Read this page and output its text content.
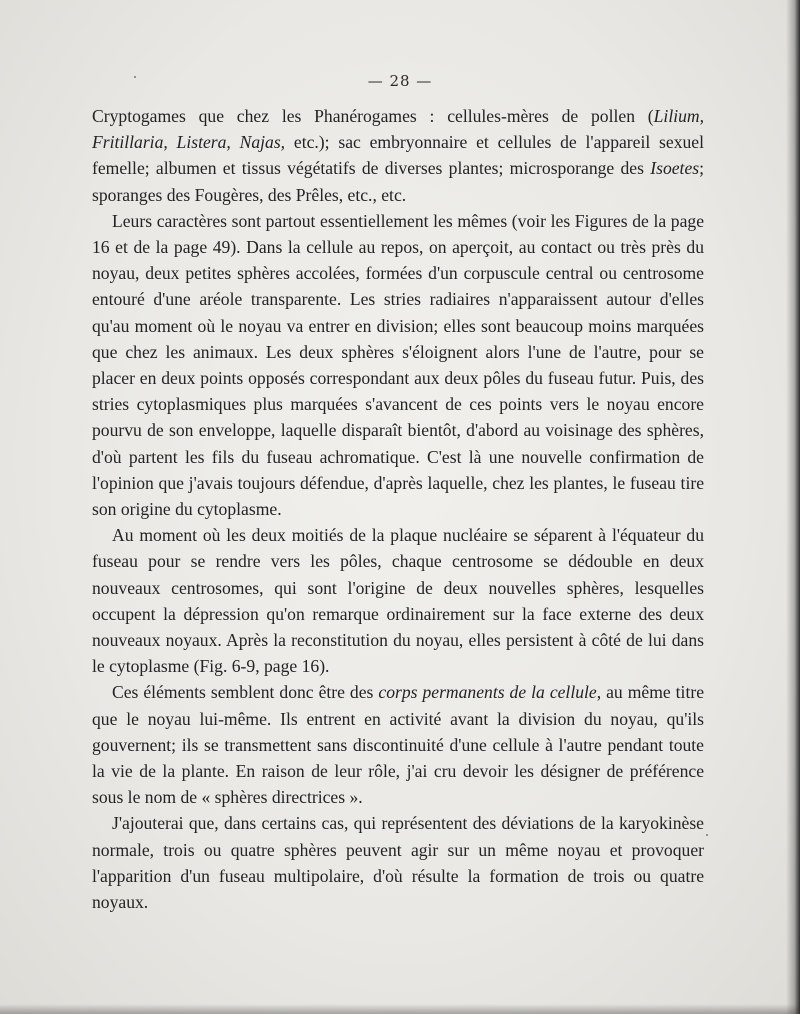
— 28 —

Cryptogames que chez les Phanérogames : cellules-mères de pollen (Lilium, Fritillaria, Listera, Najas, etc.); sac embryonnaire et cellules de l'appareil sexuel femelle; albumen et tissus végétatifs de diverses plantes; microsporange des Isoetes; sporanges des Fougères, des Prêles, etc., etc.

Leurs caractères sont partout essentiellement les mêmes (voir les Figures de la page 16 et de la page 49). Dans la cellule au repos, on aperçoit, au contact ou très près du noyau, deux petites sphères accolées, formées d'un corpuscule central ou centrosome entouré d'une aréole transparente. Les stries radiaires n'apparaissent autour d'elles qu'au moment où le noyau va entrer en division; elles sont beaucoup moins marquées que chez les animaux. Les deux sphères s'éloignent alors l'une de l'autre, pour se placer en deux points opposés correspondant aux deux pôles du fuseau futur. Puis, des stries cytoplasmiques plus marquées s'avancent de ces points vers le noyau encore pourvu de son enveloppe, laquelle disparaît bientôt, d'abord au voisinage des sphères, d'où partent les fils du fuseau achromatique. C'est là une nouvelle confirmation de l'opinion que j'avais toujours défendue, d'après laquelle, chez les plantes, le fuseau tire son origine du cytoplasme.

Au moment où les deux moitiés de la plaque nucléaire se séparent à l'équateur du fuseau pour se rendre vers les pôles, chaque centrosome se dédouble en deux nouveaux centrosomes, qui sont l'origine de deux nouvelles sphères, lesquelles occupent la dépression qu'on remarque ordinairement sur la face externe des deux nouveaux noyaux. Après la reconstitution du noyau, elles persistent à côté de lui dans le cytoplasme (Fig. 6-9, page 16).

Ces éléments semblent donc être des corps permanents de la cellule, au même titre que le noyau lui-même. Ils entrent en activité avant la division du noyau, qu'ils gouvernent; ils se transmettent sans discontinuité d'une cellule à l'autre pendant toute la vie de la plante. En raison de leur rôle, j'ai cru devoir les désigner de préférence sous le nom de « sphères directrices ».

J'ajouterai que, dans certains cas, qui représentent des déviations de la karyokinèse normale, trois ou quatre sphères peuvent agir sur un même noyau et provoquer l'apparition d'un fuseau multipolaire, d'où résulte la formation de trois ou quatre noyaux.
